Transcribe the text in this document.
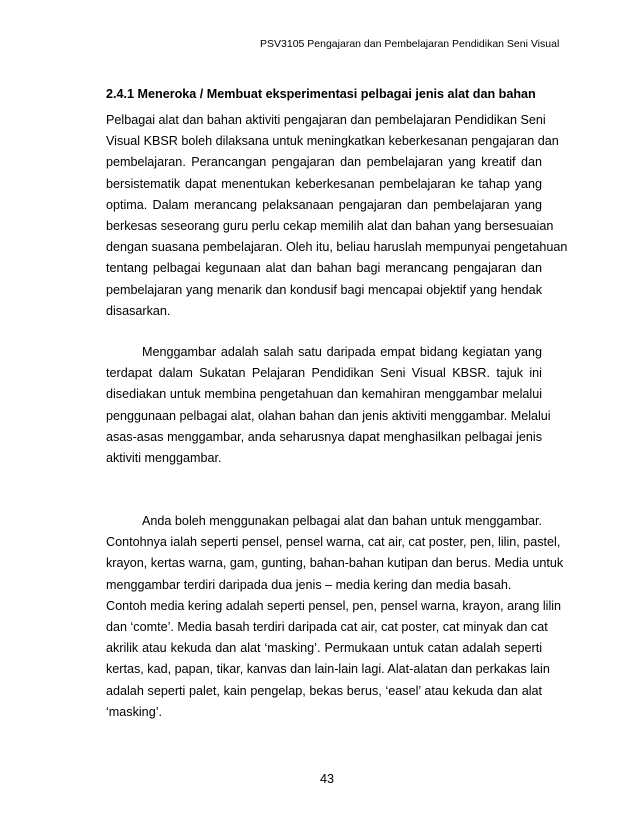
PSV3105 Pengajaran dan Pembelajaran Pendidikan Seni Visual
2.4.1 Meneroka / Membuat eksperimentasi pelbagai jenis alat dan bahan
Pelbagai alat dan bahan aktiviti pengajaran dan pembelajaran Pendidikan Seni
Visual KBSR boleh dilaksana untuk meningkatkan keberkesanan pengajaran dan
pembelajaran. Perancangan pengajaran dan pembelajaran yang kreatif dan
bersistematik dapat menentukan keberkesanan pembelajaran ke tahap yang
optima. Dalam merancang pelaksanaan pengajaran dan pembelajaran yang
berkesas seseorang guru perlu cekap memilih alat dan bahan yang bersesuaian
dengan suasana pembelajaran. Oleh itu, beliau haruslah mempunyai pengetahuan
tentang pelbagai kegunaan alat dan bahan bagi merancang pengajaran dan
pembelajaran yang menarik dan kondusif bagi mencapai objektif yang hendak
disasarkan.
Menggambar adalah salah satu daripada empat bidang kegiatan yang
terdapat dalam Sukatan Pelajaran Pendidikan Seni Visual KBSR. tajuk ini
disediakan untuk membina pengetahuan dan kemahiran menggambar melalui
penggunaan pelbagai alat, olahan bahan dan jenis aktiviti menggambar. Melalui
asas-asas menggambar, anda seharusnya dapat menghasilkan pelbagai jenis
aktiviti menggambar.
Anda boleh menggunakan pelbagai alat dan bahan untuk menggambar.
Contohnya ialah seperti pensel, pensel warna, cat air, cat poster, pen, lilin, pastel,
krayon, kertas warna, gam, gunting, bahan-bahan kutipan dan berus. Media untuk
menggambar terdiri daripada dua jenis – media kering dan media basah.
Contoh media kering adalah seperti pensel, pen, pensel warna, krayon, arang lilin
dan ‘comte’. Media basah terdiri daripada cat air, cat poster, cat minyak dan cat
akrilik atau kekuda dan alat ‘masking’. Permukaan untuk catan adalah seperti
kertas, kad, papan, tikar, kanvas dan lain-lain lagi. Alat-alatan dan perkakas lain
adalah seperti palet, kain pengelap, bekas berus, ‘easel’ atau kekuda dan alat
‘masking’.
43
